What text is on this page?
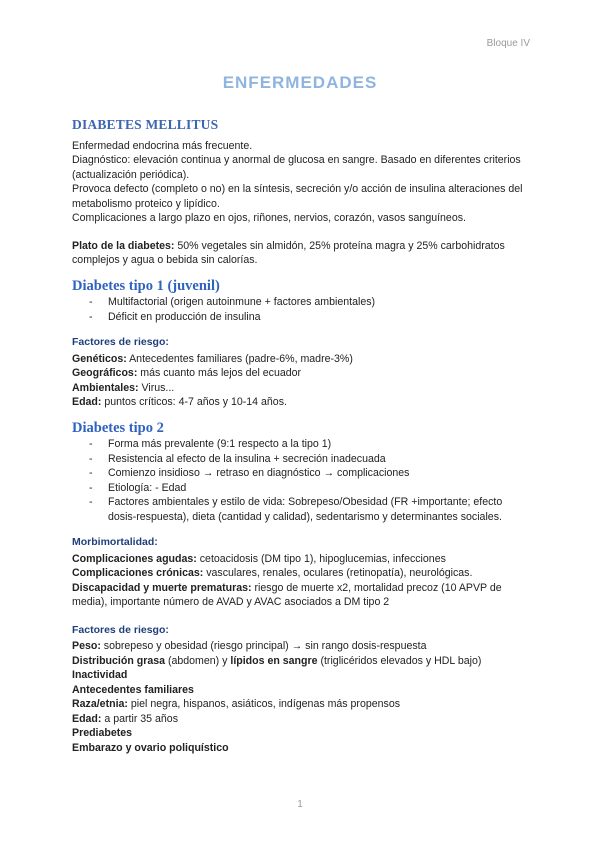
Bloque IV
ENFERMEDADES
DIABETES MELLITUS

Enfermedad endocrina más frecuente.

Diagnóstico: elevación continua y anormal de glucosa en sangre. Basado en diferentes criterios (actualización periódica).

Provoca defecto (completo o no) en la síntesis, secreción y/o acción de insulina alteraciones del metabolismo proteico y lipídico.

Complicaciones a largo plazo en ojos, riñones, nervios, corazón, vasos sanguíneos.

Plato de la diabetes: 50% vegetales sin almidón, 25% proteína magra y 25% carbohidratos complejos y agua o bebida sin calorías.

Diabetes tipo 1 (juvenil)
- Multifactorial (origen autoinmune + factores ambientales)
- Déficit en producción de insulina
Factores de riesgo:

Genéticos: Antecedentes familiares (padre-6%, madre-3%)

Geográficos: más cuanto más lejos del ecuador

Ambientales: Virus...

Edad: puntos críticos: 4-7 años y 10-14 años.

Diabetes tipo 2
- Forma más prevalente (9:1 respecto a la tipo 1)
- Resistencia al efecto de la insulina + secreción inadecuada
- Comienzo insidioso → retraso en diagnóstico → complicaciones
- Etiología: - Edad
- Factores ambientales y estilo de vida: Sobrepeso/Obesidad (FR +importante; efecto dosis-respuesta), dieta (cantidad y calidad), sedentarismo y determinantes sociales.
Morbimortalidad:

Complicaciones agudas: cetoacidosis (DM tipo 1), hipoglucemias, infecciones

Complicaciones crónicas: vasculares, renales, oculares (retinopatía), neurológicas.

Discapacidad y muerte prematuras: riesgo de muerte x2, mortalidad precoz (10 APVP de media), importante número de AVAD y AVAC asociados a DM tipo 2

Factores de riesgo:

Peso: sobrepeso y obesidad (riesgo principal) → sin rango dosis-respuesta

Distribución grasa (abdomen) y lípidos en sangre (triglicéridos elevados y HDL bajo)

Inactividad

Antecedentes familiares

Raza/etnia: piel negra, hispanos, asiáticos, indígenas más propensos

Edad: a partir 35 años

Prediabetes

Embarazo y ovario poliquístico

1
